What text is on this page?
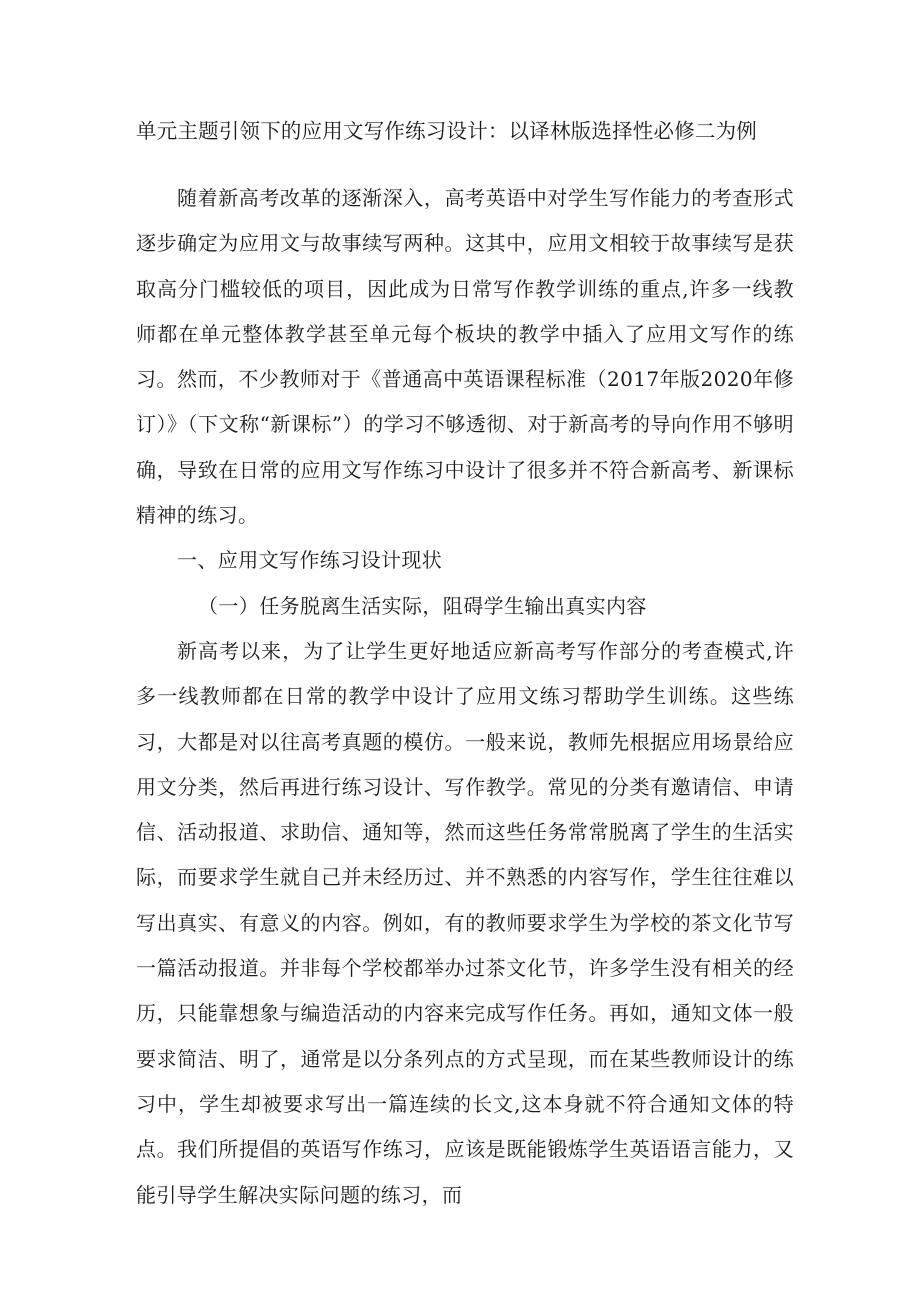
单元主题引领下的应用文写作练习设计：以译林版选择性必修二为例

随着新高考改革的逐渐深入，高考英语中对学生写作能力的考查形式逐步确定为应用文与故事续写两种。这其中，应用文相较于故事续写是获取高分门槛较低的项目，因此成为日常写作教学训练的重点,许多一线教师都在单元整体教学甚至单元每个板块的教学中插入了应用文写作的练习。然而，不少教师对于《普通高中英语课程标准（2017年版2020年修订）》（下文称“新课标”）的学习不够透彻、对于新高考的导向作用不够明确，导致在日常的应用文写作练习中设计了很多并不符合新高考、新课标精神的练习。

一、应用文写作练习设计现状

（一）任务脱离生活实际，阻碍学生输出真实内容

新高考以来，为了让学生更好地适应新高考写作部分的考查模式,许多一线教师都在日常的教学中设计了应用文练习帮助学生训练。这些练习，大都是对以往高考真题的模仿。一般来说，教师先根据应用场景给应用文分类，然后再进行练习设计、写作教学。常见的分类有邀请信、申请信、活动报道、求助信、通知等，然而这些任务常常脱离了学生的生活实际，而要求学生就自己并未经历过、并不熟悉的内容写作，学生往往难以写出真实、有意义的内容。例如，有的教师要求学生为学校的茶文化节写一篇活动报道。并非每个学校都举办过茶文化节，许多学生没有相关的经历，只能靠想象与编造活动的内容来完成写作任务。再如，通知文体一般要求简洁、明了，通常是以分条列点的方式呈现，而在某些教师设计的练习中，学生却被要求写出一篇连续的长文,这本身就不符合通知文体的特点。我们所提倡的英语写作练习，应该是既能锻炼学生英语语言能力，又能引导学生解决实际问题的练习，而
